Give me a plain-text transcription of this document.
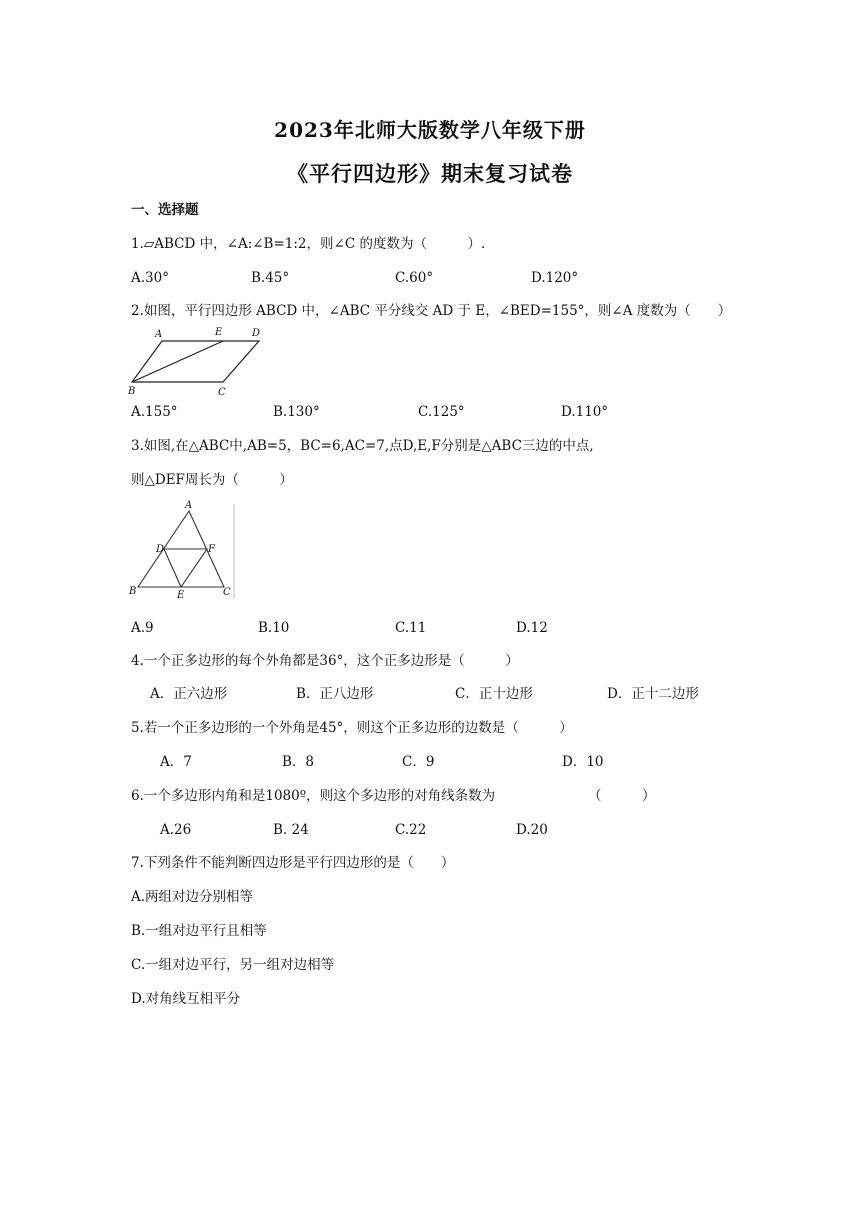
2023年北师大版数学八年级下册
《平行四边形》期末复习试卷
一、选择题
1.▱ABCD 中，∠A:∠B=1:2，则∠C 的度数为（　　　）.
A.30°	B.45°	C.60°	D.120°
2.如图，平行四边形 ABCD 中，∠ABC 平分线交 AD 于 E，∠BED=155°，则∠A 度数为（　　）
A	E	D
B	C
A.155°	B.130°	C.125°	D.110°
3.如图,在△ABC中,AB=5，BC=6,AC=7,点D,E,F分别是△ABC三边的中点,
则△DEF周长为（　　　）
A
D	F
B	E	C
A.9	B.10	C.11	D.12
4.一个正多边形的每个外角都是36°，这个正多边形是（　　　）
A．正六边形	B．正八边形	C．正十边形	D．正十二边形
5.若一个正多边形的一个外角是45°，则这个正多边形的边数是（　　　）
A．7	B．8	C．9	D．10
6.一个多边形内角和是1080º，则这个多边形的对角线条数为	（　　　）
A.26	B. 24	C.22	D.20
7.下列条件不能判断四边形是平行四边形的是（　　）
A.两组对边分别相等
B.一组对边平行且相等
C.一组对边平行，另一组对边相等
D.对角线互相平分
